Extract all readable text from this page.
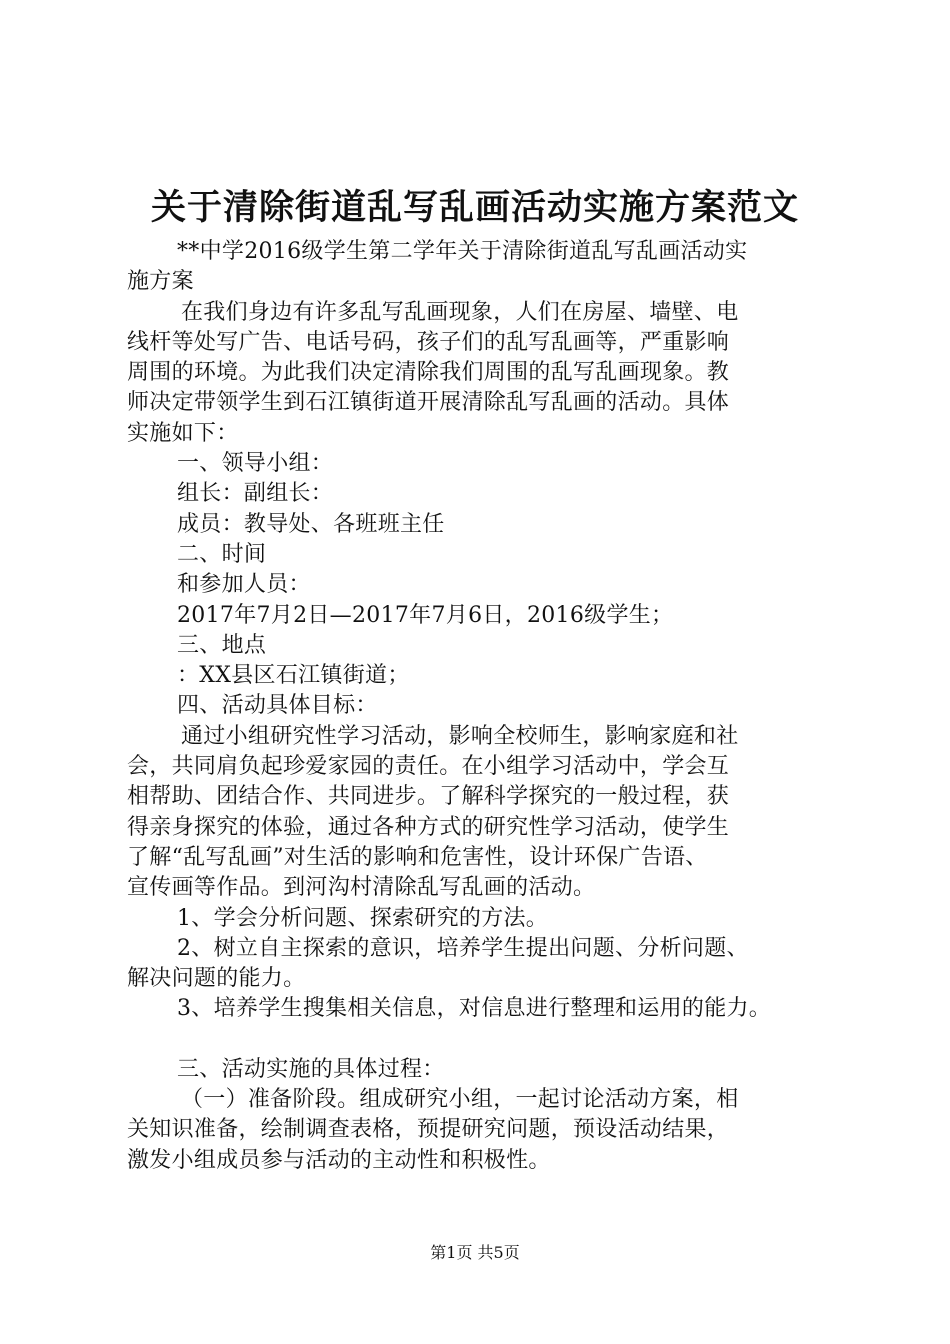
关于清除街道乱写乱画活动实施方案范文
**中学2016级学生第二学年关于清除街道乱写乱画活动实
施方案
在我们身边有许多乱写乱画现象，人们在房屋、墙壁、电
线杆等处写广告、电话号码，孩子们的乱写乱画等，严重影响
周围的环境。为此我们决定清除我们周围的乱写乱画现象。教
师决定带领学生到石江镇街道开展清除乱写乱画的活动。具体
实施如下：
一、领导小组：
组长：副组长：
成员：教导处、各班班主任
二、时间
和参加人员：
2017年7月2日—2017年7月6日，2016级学生；
三、地点
：XX县区石江镇街道；
四、活动具体目标：
通过小组研究性学习活动，影响全校师生，影响家庭和社
会，共同肩负起珍爱家园的责任。在小组学习活动中，学会互
相帮助、团结合作、共同进步。了解科学探究的一般过程，获
得亲身探究的体验，通过各种方式的研究性学习活动，使学生
了解“乱写乱画”对生活的影响和危害性，设计环保广告语、
宣传画等作品。到河沟村清除乱写乱画的活动。
1、学会分析问题、探索研究的方法。
2、树立自主探索的意识，培养学生提出问题、分析问题、
解决问题的能力。
3、培养学生搜集相关信息，对信息进行整理和运用的能力。
三、活动实施的具体过程：
（一）准备阶段。组成研究小组，一起讨论活动方案，相
关知识准备，绘制调查表格，预提研究问题，预设活动结果，
激发小组成员参与活动的主动性和积极性。
第1页 共5页
